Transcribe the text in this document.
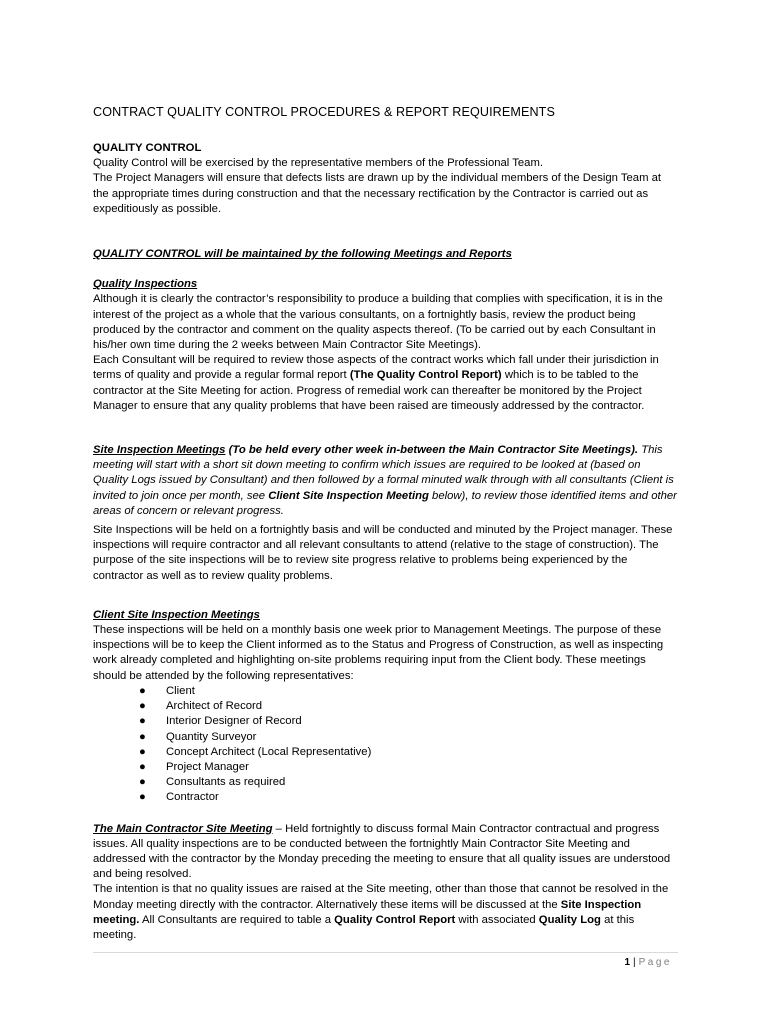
CONTRACT QUALITY CONTROL PROCEDURES & REPORT REQUIREMENTS

QUALITY CONTROL

Quality Control will be exercised by the representative members of the Professional Team.

The Project Managers will ensure that defects lists are drawn up by the individual members of the Design Team at the appropriate times during construction and that the necessary rectification by the Contractor is carried out as expeditiously as possible.

QUALITY CONTROL will be maintained by the following Meetings and Reports

Quality Inspections

Although it is clearly the contractor’s responsibility to produce a building that complies with specification, it is in the interest of the project as a whole that the various consultants, on a fortnightly basis, review the product being produced by the contractor and comment on the quality aspects thereof. (To be carried out by each Consultant in his/her own time during the 2 weeks between Main Contractor Site Meetings).

Each Consultant will be required to review those aspects of the contract works which fall under their jurisdiction in terms of quality and provide a regular formal report (The Quality Control Report) which is to be tabled to the contractor at the Site Meeting for action. Progress of remedial work can thereafter be monitored by the Project Manager to ensure that any quality problems that have been raised are timeously addressed by the contractor.

Site Inspection Meetings (To be held every other week in-between the Main Contractor Site Meetings). This meeting will start with a short sit down meeting to confirm which issues are required to be looked at (based on Quality Logs issued by Consultant) and then followed by a formal minuted walk through with all consultants (Client is invited to join once per month, see Client Site Inspection Meeting below), to review those identified items and other areas of concern or relevant progress.

Site Inspections will be held on a fortnightly basis and will be conducted and minuted by the Project manager. These inspections will require contractor and all relevant consultants to attend (relative to the stage of construction). The purpose of the site inspections will be to review site progress relative to problems being experienced by the contractor as well as to review quality problems.

Client Site Inspection Meetings

These inspections will be held on a monthly basis one week prior to Management Meetings. The purpose of these inspections will be to keep the Client informed as to the Status and Progress of Construction, as well as inspecting work already completed and highlighting on-site problems requiring input from the Client body. These meetings should be attended by the following representatives:

● Client
● Architect of Record
● Interior Designer of Record
● Quantity Surveyor
● Concept Architect (Local Representative)
● Project Manager
● Consultants as required
● Contractor

The Main Contractor Site Meeting – Held fortnightly to discuss formal Main Contractor contractual and progress issues. All quality inspections are to be conducted between the fortnightly Main Contractor Site Meeting and addressed with the contractor by the Monday preceding the meeting to ensure that all quality issues are understood and being resolved.

The intention is that no quality issues are raised at the Site meeting, other than those that cannot be resolved in the Monday meeting directly with the contractor. Alternatively these items will be discussed at the Site Inspection meeting. All Consultants are required to table a Quality Control Report with associated Quality Log at this meeting.

1 | Page
